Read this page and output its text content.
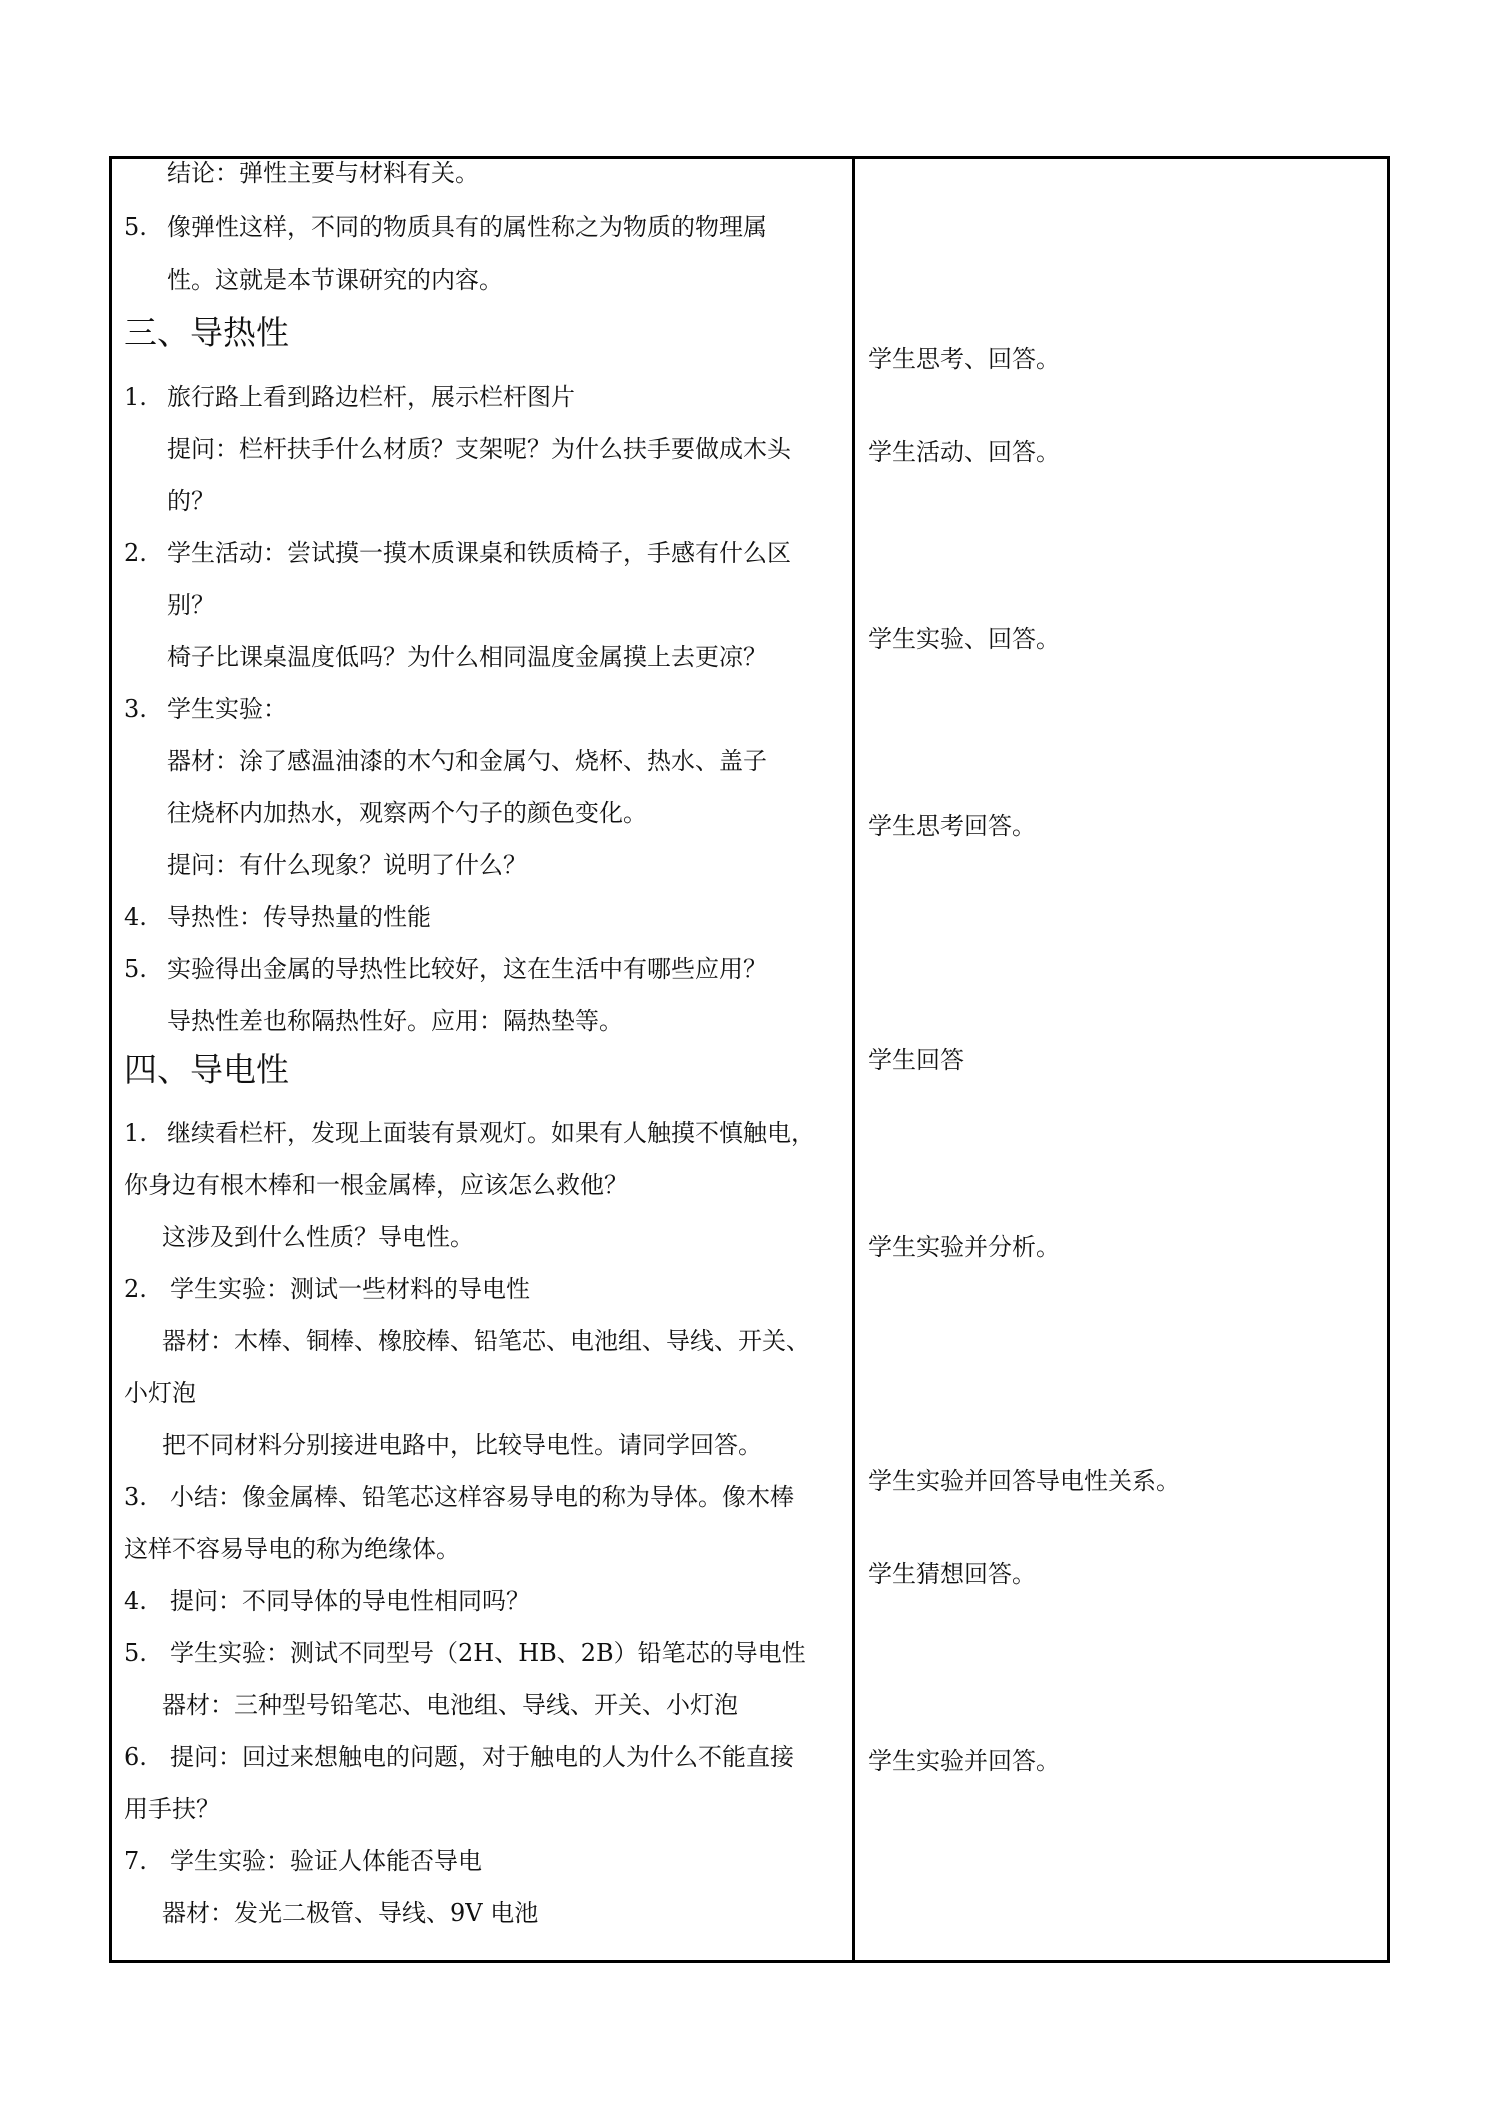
结论：弹性主要与材料有关。
5. 像弹性这样，不同的物质具有的属性称之为物质的物理属
性。这就是本节课研究的内容。
三、导热性
1. 旅行路上看到路边栏杆，展示栏杆图片
提问：栏杆扶手什么材质？支架呢？为什么扶手要做成木头
的？
2. 学生活动：尝试摸一摸木质课桌和铁质椅子，手感有什么区
别？
椅子比课桌温度低吗？为什么相同温度金属摸上去更凉？
3. 学生实验：
器材：涂了感温油漆的木勺和金属勺、烧杯、热水、盖子
往烧杯内加热水，观察两个勺子的颜色变化。
提问：有什么现象？说明了什么？
4. 导热性：传导热量的性能
5. 实验得出金属的导热性比较好，这在生活中有哪些应用？
导热性差也称隔热性好。应用：隔热垫等。
四、导电性
1. 继续看栏杆，发现上面装有景观灯。如果有人触摸不慎触电，
你身边有根木棒和一根金属棒，应该怎么救他？
这涉及到什么性质？导电性。
2. 学生实验：测试一些材料的导电性
器材：木棒、铜棒、橡胶棒、铅笔芯、电池组、导线、开关、
小灯泡
把不同材料分别接进电路中，比较导电性。请同学回答。
3. 小结：像金属棒、铅笔芯这样容易导电的称为导体。像木棒
这样不容易导电的称为绝缘体。
4. 提问：不同导体的导电性相同吗？
5. 学生实验：测试不同型号（2H、HB、2B）铅笔芯的导电性
器材：三种型号铅笔芯、电池组、导线、开关、小灯泡
6. 提问：回过来想触电的问题，对于触电的人为什么不能直接
用手扶？
7. 学生实验：验证人体能否导电
器材：发光二极管、导线、9V 电池
学生思考、回答。
学生活动、回答。
学生实验、回答。
学生思考回答。
学生回答
学生实验并分析。
学生实验并回答导电性关系。
学生猜想回答。
学生实验并回答。
